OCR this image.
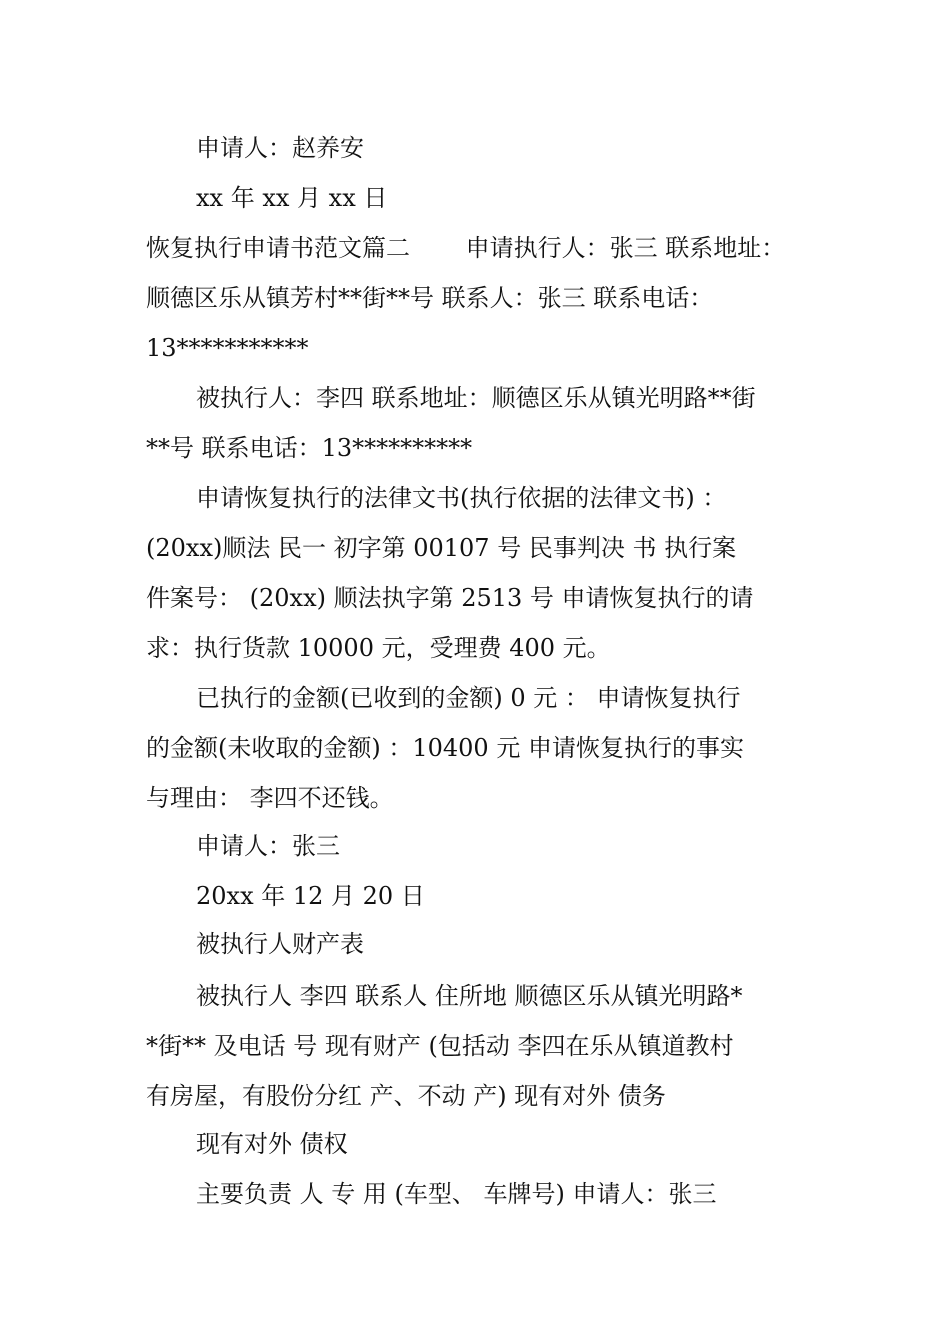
申请人：赵养安
xx 年 xx 月 xx 日
恢复执行申请书范文篇二　　 申请执行人：张三 联系地址：
顺德区乐从镇芳村**街**号 联系人：张三 联系电话：
13***********
被执行人：李四 联系地址：顺德区乐从镇光明路**街
**号 联系电话：13**********
申请恢复执行的法律文书(执行依据的法律文书) ：
(20xx)顺法 民一 初字第 00107 号 民事判决 书 执行案
件案号： (20xx) 顺法执字第 2513 号 申请恢复执行的请
求：执行货款 10000 元，受理费 400 元。
已执行的金额(已收到的金额) 0 元 ： 申请恢复执行
的金额(未收取的金额) ：10400 元 申请恢复执行的事实
与理由： 李四不还钱。
申请人：张三
20xx 年 12 月 20 日
被执行人财产表
被执行人 李四 联系人 住所地 顺德区乐从镇光明路*
*街** 及电话 号 现有财产 (包括动 李四在乐从镇道教村
有房屋，有股份分红 产、不动 产) 现有对外 债务
现有对外 债权
主要负责 人 专 用 (车型、 车牌号) 申请人：张三
